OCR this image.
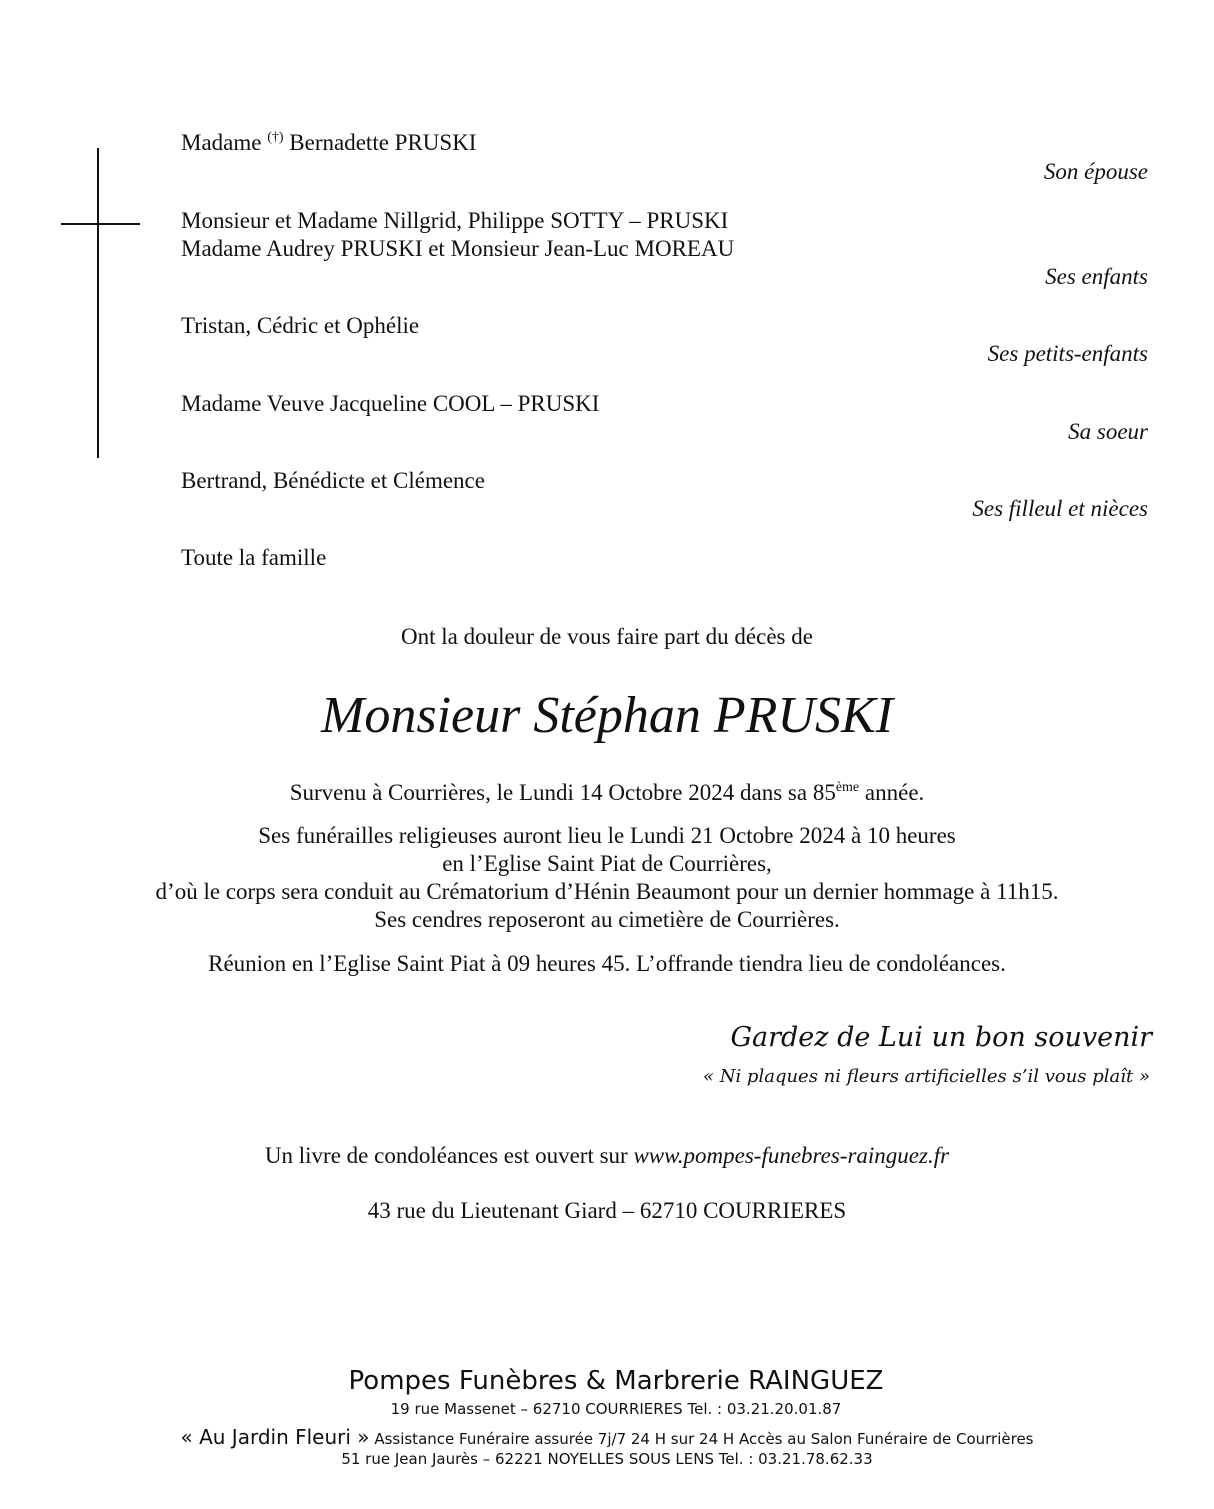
Madame (†) Bernadette PRUSKI
Son épouse
Monsieur et Madame Nillgrid, Philippe SOTTY – PRUSKI
Madame Audrey PRUSKI et Monsieur Jean-Luc MOREAU
Ses enfants
Tristan, Cédric et Ophélie
Ses petits-enfants
Madame Veuve Jacqueline COOL – PRUSKI
Sa soeur
Bertrand, Bénédicte et Clémence
Ses filleul et nièces
Toute la famille
Ont la douleur de vous faire part du décès de
Monsieur Stéphan PRUSKI
Survenu à Courrières, le Lundi 14 Octobre 2024 dans sa 85ème année.
Ses funérailles religieuses auront lieu le Lundi 21 Octobre 2024 à 10 heures
en l’Eglise Saint Piat de Courrières,
d’où le corps sera conduit au Crématorium d’Hénin Beaumont pour un dernier hommage à 11h15.
Ses cendres reposeront au cimetière de Courrières.
Réunion en l’Eglise Saint Piat à 09 heures 45. L’offrande tiendra lieu de condoléances.
Gardez de Lui un bon souvenir
« Ni plaques ni fleurs artificielles s’il vous plaît »
Un livre de condoléances est ouvert sur www.pompes-funebres-rainguez.fr
43 rue du Lieutenant Giard – 62710 COURRIERES
Pompes Funèbres & Marbrerie RAINGUEZ
19 rue Massenet – 62710 COURRIERES Tel. : 03.21.20.01.87
« Au Jardin Fleuri » Assistance Funéraire assurée 7j/7 24 H sur 24 H Accès au Salon Funéraire de Courrières
51 rue Jean Jaurès – 62221 NOYELLES SOUS LENS Tel. : 03.21.78.62.33
